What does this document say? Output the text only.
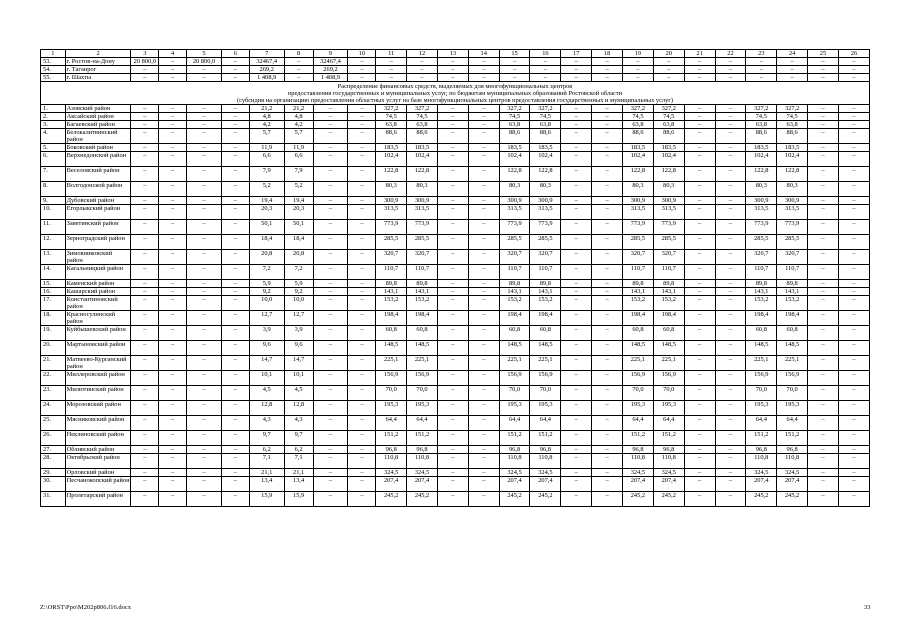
1	2	3	4	5	6	7	8	9	10	11	12	13	14	15	16	17	18	19	20	21	22	23	24	25	26
53.	г. Ростов-на-Дону	20 800,0	–	20 800,0	–	32467,4	–	32467,4	–	–	–	–	–	–	–	–	–	–	–	–	–	–	–	–	–
54.	г. Таганрог	–	–	–	–	269,2	–	269,2	–	–	–	–	–	–	–	–	–	–	–	–	–	–	–	–	–
55.	г. Шахты	–	–	–	–	1 408,9	–	1 408,9	–	–	–	–	–	–	–	–	–	–	–	–	–	–	–	–	–

Распределение финансовых средств, выделяемых для многофункциональных центров
предоставления государственных и муниципальных услуг, по бюджетам муниципальных образований Ростовской области
(субсидия на организацию предоставления областных услуг на базе многофункциональных центров предоставления государственных и муниципальных услуг)																									

1.	Азовский район	–	–	–	–	21,2	21,2	–	–	327,2	327,2	–	–	327,2	327,2	–	–	327,2	327,2	–	–	327,2	327,2	–	–
2.	Аксайский район	–	–	–	–	4,8	4,8	–	–	74,5	74,5	–	–	74,5	74,5	–	–	74,5	74,5	–	–	74,5	74,5	–	–
3.	Багаевский район	–	–	–	–	4,2	4,2	–	–	63,8	63,8	–	–	63,8	63,8	–	–	63,8	63,8	–	–	63,8	63,8	–	–
4.	Белокалитвинский район	–	–	–	–	5,7	5,7	–	–	88,6	88,6	–	–	88,6	88,6	–	–	88,6	88,6	–	–	88,6	88,6	–	–
5.	Боковский район	–	–	–	–	11,9	11,9	–	–	183,5	183,5	–	–	183,5	183,5	–	–	183,5	183,5	–	–	183,5	183,5	–	–
6.	Верхнедонской район	–	–	–	–	6,6	6,6	–	–	102,4	102,4	–	–	102,4	102,4	–	–	102,4	102,4	–	–	102,4	102,4	–	–
7.	Веселовский район	–	–	–	–	7,9	7,9	–	–	122,8	122,8	–	–	122,8	122,8	–	–	122,8	122,8	–	–	122,8	122,8	–	–
8.	Волгодонской район	–	–	–	–	5,2	5,2	–	–	80,3	80,3	–	–	80,3	80,3	–	–	80,3	80,3	–	–	80,3	80,3	–	–
9.	Дубовский район	–	–	–	–	19,4	19,4	–	–	300,9	300,9	–	–	300,9	300,9	–	–	300,9	300,9	–	–	300,9	300,9	–	–
10.	Егорлыкский район	–	–	–	–	20,3	20,3	–	–	313,5	313,5	–	–	313,5	313,5	–	–	313,5	313,5	–	–	313,5	313,5	–	–
11.	Заветинский район	–	–	–	–	50,1	50,1	–	–	773,9	773,9	–	–	773,9	773,9	–	–	773,9	773,9	–	–	773,9	773,9	–	–
12.	Зерноградский район	–	–	–	–	18,4	18,4	–	–	285,5	285,5	–	–	285,5	285,5	–	–	285,5	285,5	–	–	285,5	285,5	–	–
13.	Зимовниковский район	–	–	–	–	20,8	20,8	–	–	320,7	320,7	–	–	320,7	320,7	–	–	320,7	320,7	–	–	320,7	320,7	–	–
14.	Кагальницкий район	–	–	–	–	7,2	7,2	–	–	110,7	110,7	–	–	110,7	110,7	–	–	110,7	110,7	–	–	110,7	110,7	–	–
15.	Каменский район	–	–	–	–	5,9	5,9	–	–	89,8	89,8	–	–	89,8	89,8	–	–	89,8	89,8	–	–	89,8	89,8	–	–
16.	Кашарский район	–	–	–	–	9,2	9,2	–	–	143,1	143,1	–	–	143,1	143,1	–	–	143,1	143,1	–	–	143,1	143,1	–	–
17.	Константиновский район	–	–	–	–	10,0	10,0	–	–	153,2	153,2	–	–	153,2	153,2	–	–	153,2	153,2	–	–	153,2	153,2	–	–
18.	Красносулинский район	–	–	–	–	12,7	12,7	–	–	198,4	198,4	–	–	198,4	198,4	–	–	198,4	198,4	–	–	198,4	198,4	–	–
19.	Куйбышевский район	–	–	–	–	3,9	3,9	–	–	60,8	60,8	–	–	60,8	60,8	–	–	60,8	60,8	–	–	60,8	60,8	–	–
20.	Мартыновский район	–	–	–	–	9,6	9,6	–	–	148,5	148,5	–	–	148,5	148,5	–	–	148,5	148,5	–	–	148,5	148,5	–	–
21.	Матвеево-Курганский район	–	–	–	–	14,7	14,7	–	–	225,1	225,1	–	–	225,1	225,1	–	–	225,1	225,1	–	–	225,1	225,1	–	–
22.	Миллеровский район	–	–	–	–	10,1	10,1	–	–	156,9	156,9	–	–	156,9	156,9	–	–	156,9	156,9	–	–	156,9	156,9	–	–
23.	Милютинский район	–	–	–	–	4,5	4,5	–	–	70,0	70,0	–	–	70,0	70,0	–	–	70,0	70,0	–	–	70,0	70,0	–	–
24.	Морозовский район	–	–	–	–	12,8	12,8	–	–	195,3	195,3	–	–	195,3	195,3	–	–	195,3	195,3	–	–	195,3	195,3	–	–
25.	Мясниковский район	–	–	–	–	4,3	4,3	–	–	64,4	64,4	–	–	64,4	64,4	–	–	64,4	64,4	–	–	64,4	64,4	–	–
26.	Неклиновский район	–	–	–	–	9,7	9,7	–	–	151,2	151,2	–	–	151,2	151,2	–	–	151,2	151,2	–	–	151,2	151,2	–	–
27.	Обливский район	–	–	–	–	6,2	6,2	–	–	96,8	96,8	–	–	96,8	96,8	–	–	96,8	96,8	–	–	96,8	96,8	–	–
28.	Октябрьский район	–	–	–	–	7,1	7,1	–	–	110,8	110,8	–	–	110,8	110,8	–	–	110,8	110,8	–	–	110,8	110,8	–	–
29.	Орловский район	–	–	–	–	21,1	21,1	–	–	324,5	324,5	–	–	324,5	324,5	–	–	324,5	324,5	–	–	324,5	324,5	–	–
30.	Песчанокопский район	–	–	–	–	13,4	13,4	–	–	207,4	207,4	–	–	207,4	207,4	–	–	207,4	207,4	–	–	207,4	207,4	–	–
31.	Пролетарский район	–	–	–	–	15,9	15,9	–	–	245,2	245,2	–	–	245,2	245,2	–	–	245,2	245,2	–	–	245,2	245,2	–	–
Z:\ORST\Ppo\M202p806.f16.docx	33
